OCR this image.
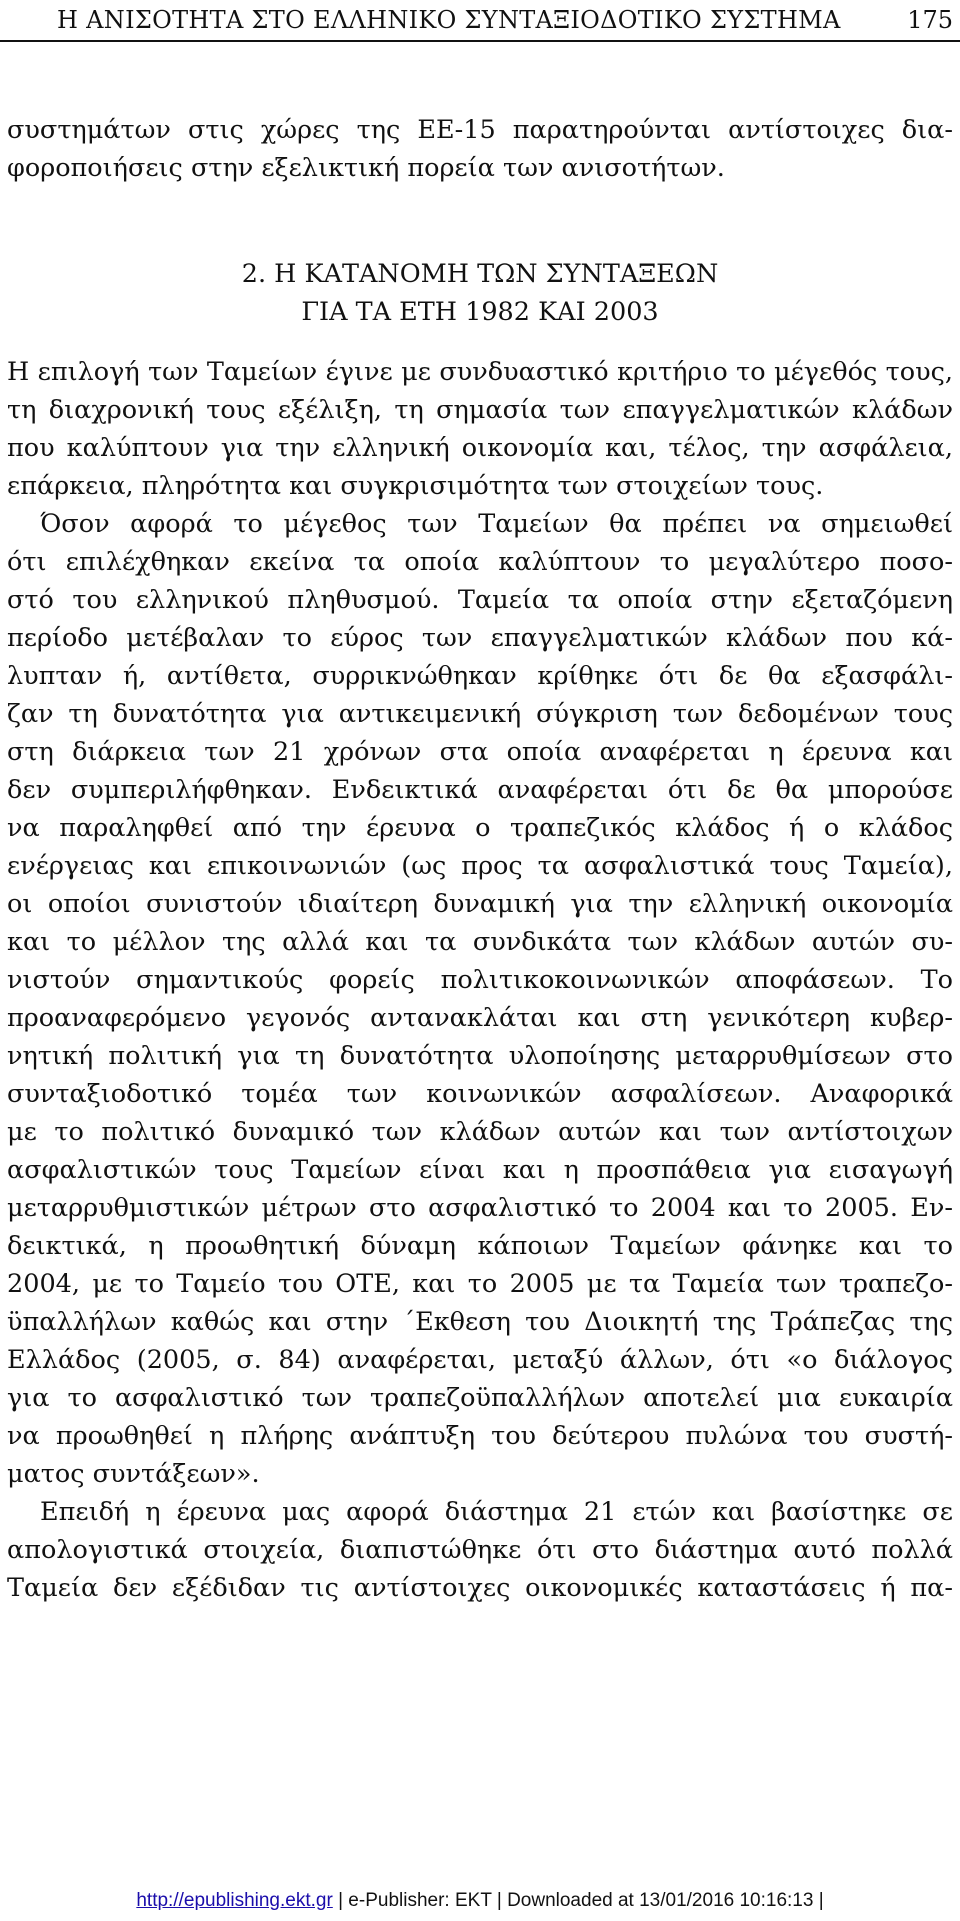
Η ΑΝΙΣΟΤΗΤΑ ΣΤΟ ΕΛΛΗΝΙΚΟ ΣΥΝΤΑΞΙΟΔΟΤΙΚΟ ΣΥΣΤΗΜΑ	175
συστημάτων στις χώρες της ΕΕ-15 παρατηρούνται αντίστοιχες δια-
φοροποιήσεις στην εξελικτική πορεία των ανισοτήτων.
2. Η ΚΑΤΑΝΟΜΗ ΤΩΝ ΣΥΝΤΑΞΕΩΝ
ΓΙΑ ΤΑ ΕΤΗ 1982 ΚΑΙ 2003
Η επιλογή των Ταμείων έγινε με συνδυαστικό κριτήριο το μέγεθός τους,
τη διαχρονική τους εξέλιξη, τη σημασία των επαγγελματικών κλάδων
που καλύπτουν για την ελληνική οικονομία και, τέλος, την ασφάλεια,
επάρκεια, πληρότητα και συγκρισιμότητα των στοιχείων τους.
Όσον αφορά το μέγεθος των Ταμείων θα πρέπει να σημειωθεί
ότι επιλέχθηκαν εκείνα τα οποία καλύπτουν το μεγαλύτερο ποσο-
στό του ελληνικού πληθυσμού. Ταμεία τα οποία στην εξεταζόμενη
περίοδο μετέβαλαν το εύρος των επαγγελματικών κλάδων που κά-
λυπταν ή, αντίθετα, συρρικνώθηκαν κρίθηκε ότι δε θα εξασφάλι-
ζαν τη δυνατότητα για αντικειμενική σύγκριση των δεδομένων τους
στη διάρκεια των 21 χρόνων στα οποία αναφέρεται η έρευνα και
δεν συμπεριλήφθηκαν. Ενδεικτικά αναφέρεται ότι δε θα μπορούσε
να παραληφθεί από την έρευνα ο τραπεζικός κλάδος ή ο κλάδος
ενέργειας και επικοινωνιών (ως προς τα ασφαλιστικά τους Ταμεία),
οι οποίοι συνιστούν ιδιαίτερη δυναμική για την ελληνική οικονομία
και το μέλλον της αλλά και τα συνδικάτα των κλάδων αυτών συ-
νιστούν σημαντικούς φορείς πολιτικοκοινωνικών αποφάσεων. Το
προαναφερόμενο γεγονός αντανακλάται και στη γενικότερη κυβερ-
νητική πολιτική για τη δυνατότητα υλοποίησης μεταρρυθμίσεων στο
συνταξιοδοτικό τομέα των κοινωνικών ασφαλίσεων. Αναφορικά
με το πολιτικό δυναμικό των κλάδων αυτών και των αντίστοιχων
ασφαλιστικών τους Ταμείων είναι και η προσπάθεια για εισαγωγή
μεταρρυθμιστικών μέτρων στο ασφαλιστικό το 2004 και το 2005. Εν-
δεικτικά, η προωθητική δύναμη κάποιων Ταμείων φάνηκε και το
2004, με το Ταμείο του ΟΤΕ, και το 2005 με τα Ταμεία των τραπεζο-
ϋπαλλήλων καθώς και στην ΄Εκθεση του Διοικητή της Τράπεζας της
Ελλάδος (2005, σ. 84) αναφέρεται, μεταξύ άλλων, ότι «ο διάλογος
για το ασφαλιστικό των τραπεζοϋπαλλήλων αποτελεί μια ευκαιρία
να προωθηθεί η πλήρης ανάπτυξη του δεύτερου πυλώνα του συστή-
ματος συντάξεων».
Επειδή η έρευνα μας αφορά διάστημα 21 ετών και βασίστηκε σε
απολογιστικά στοιχεία, διαπιστώθηκε ότι στο διάστημα αυτό πολλά
Ταμεία δεν εξέδιδαν τις αντίστοιχες οικονομικές καταστάσεις ή πα-
http://epublishing.ekt.gr | e-Publisher: EKT | Downloaded at 13/01/2016 10:16:13 |
